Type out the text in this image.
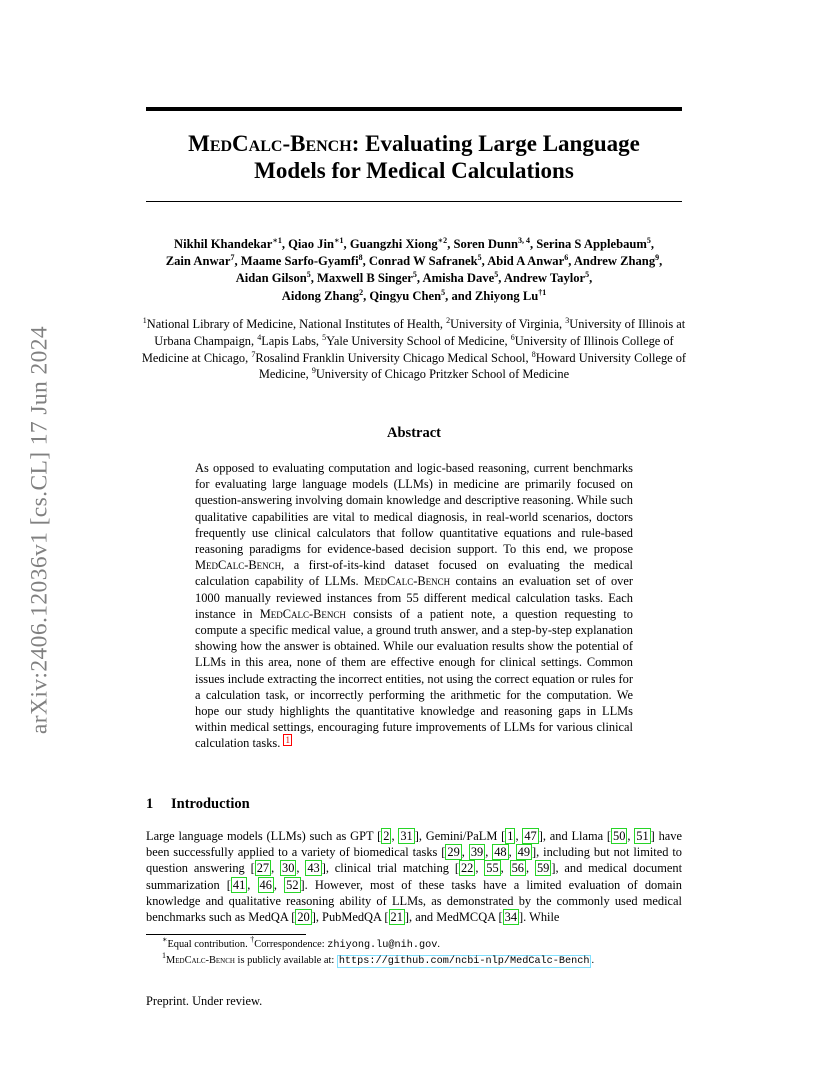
arXiv:2406.12036v1 [cs.CL] 17 Jun 2024
MedCalc-Bench: Evaluating Large Language
Models for Medical Calculations
Nikhil Khandekar$^{∗1}$, Qiao Jin$^{∗1}$, Guangzhi Xiong$^{∗2}$, Soren Dunn$^{3, 4}$, Serina S Applebaum$^5$,
Zain Anwar$^7$, Maame Sarfo-Gyamfi$^8$, Conrad W Safranek$^5$, Abid A Anwar$^6$, Andrew Zhang$^9$,
Aidan Gilson$^5$, Maxwell B Singer$^5$, Amisha Dave$^5$, Andrew Taylor$^5$,
Aidong Zhang$^2$, Qingyu Chen$^5$, and Zhiyong Lu$^{\dagger 1}$
$^1$National Library of Medicine, National Institutes of Health, $^2$University of Virginia, $^3$University of Illinois at Urbana Champaign, $^4$Lapis Labs, $^5$Yale University School of Medicine, $^6$University of Illinois College of Medicine at Chicago, $^7$Rosalind Franklin University Chicago Medical School, $^8$Howard University College of Medicine, $^9$University of Chicago Pritzker School of Medicine
Abstract
As opposed to evaluating computation and logic-based reasoning, current benchmarks for evaluating large language models (LLMs) in medicine are primarily focused on question-answering involving domain knowledge and descriptive reasoning. While such qualitative capabilities are vital to medical diagnosis, in real-world scenarios, doctors frequently use clinical calculators that follow quantitative equations and rule-based reasoning paradigms for evidence-based decision support. To this end, we propose MedCalc-Bench, a first-of-its-kind dataset focused on evaluating the medical calculation capability of LLMs. MedCalc-Bench contains an evaluation set of over 1000 manually reviewed instances from 55 different medical calculation tasks. Each instance in MedCalc-Bench consists of a patient note, a question requesting to compute a specific medical value, a ground truth answer, and a step-by-step explanation showing how the answer is obtained. While our evaluation results show the potential of LLMs in this area, none of them are effective enough for clinical settings. Common issues include extracting the incorrect entities, not using the correct equation or rules for a calculation task, or incorrectly performing the arithmetic for the computation. We hope our study highlights the quantitative knowledge and reasoning gaps in LLMs within medical settings, encouraging future improvements of LLMs for various clinical calculation tasks. $^1$
1 Introduction
Large language models (LLMs) such as GPT [ 2 , 31 ], Gemini/PaLM [ 1 , 47 ], and Llama [ 50 , 51 ] have been successfully applied to a variety of biomedical tasks [ 29 , 39 , 48 , 49 ], including but not limited to question answering [ 27 , 30 , 43 ], clinical trial matching [ 22 , 55 , 56 , 59 ], and medical document summarization [ 41 , 46 , 52 ]. However, most of these tasks have a limited evaluation of domain knowledge and qualitative reasoning ability of LLMs, as demonstrated by the commonly used medical benchmarks such as MedQA [ 20 ], PubMedQA [ 21 ], and MedMCQA [ 34 ]. While

∗Equal contribution. †Correspondence: zhiyong.lu@nih.gov.

$^1$MedCalc-Bench is publicly available at: https://github.com/ncbi-nlp/MedCalc-Bench .

Preprint. Under review.
